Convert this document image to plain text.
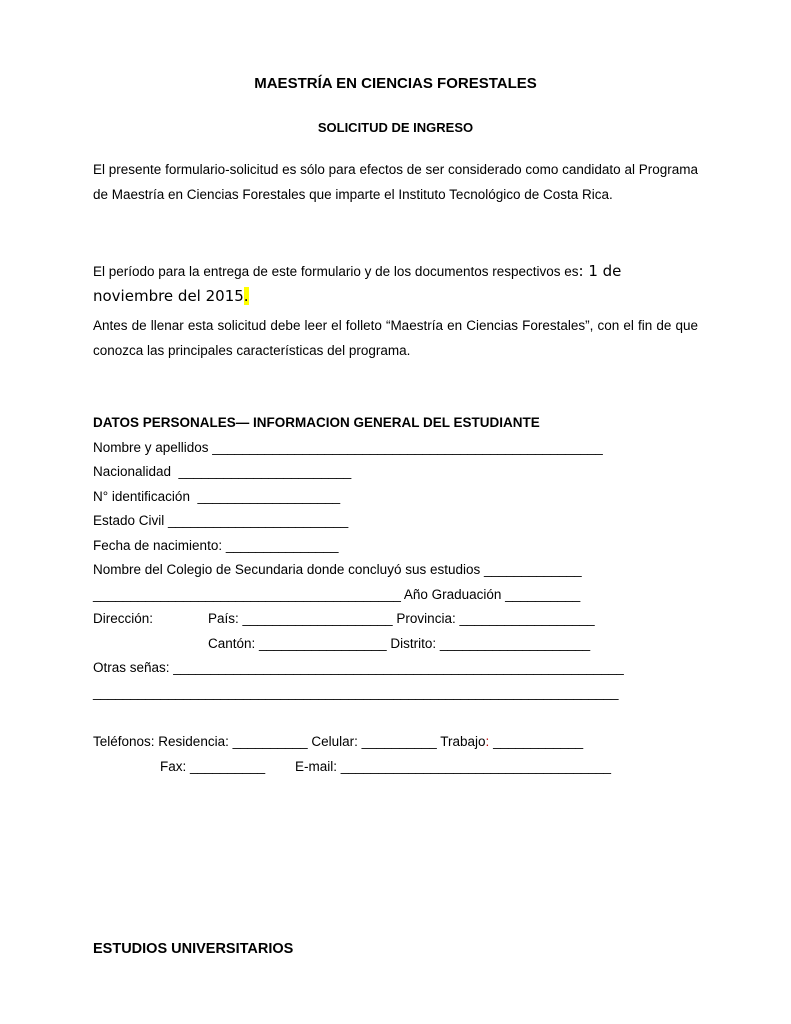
MAESTRÍA EN CIENCIAS FORESTALES
SOLICITUD DE INGRESO
El presente formulario-solicitud es sólo para efectos de ser considerado como candidato al Programa de Maestría en Ciencias Forestales que imparte el Instituto Tecnológico de Costa Rica.
El período para la entrega de este formulario y de los documentos respectivos es: 1 de
noviembre del 2015.
Antes de llenar esta solicitud debe leer el folleto “Maestría en Ciencias Forestales”, con el fin de que conozca las principales características del programa.
DATOS PERSONALES— INFORMACION GENERAL DEL ESTUDIANTE
Nombre y apellidos ____________________________________________________
Nacionalidad  _______________________
N° identificación  ___________________
Estado Civil ________________________
Fecha de nacimiento: _______________
Nombre del Colegio de Secundaria donde concluyó sus estudios _____________
_________________________________________ Año Graduación __________
Dirección:	País: ____________________ Provincia: __________________
Cantón: _________________ Distrito: ____________________
Otras señas: ____________________________________________________________
______________________________________________________________________
Teléfonos: Residencia: __________ Celular: __________ Trabajo: ____________
Fax: __________ E-mail: ____________________________________
ESTUDIOS UNIVERSITARIOS
